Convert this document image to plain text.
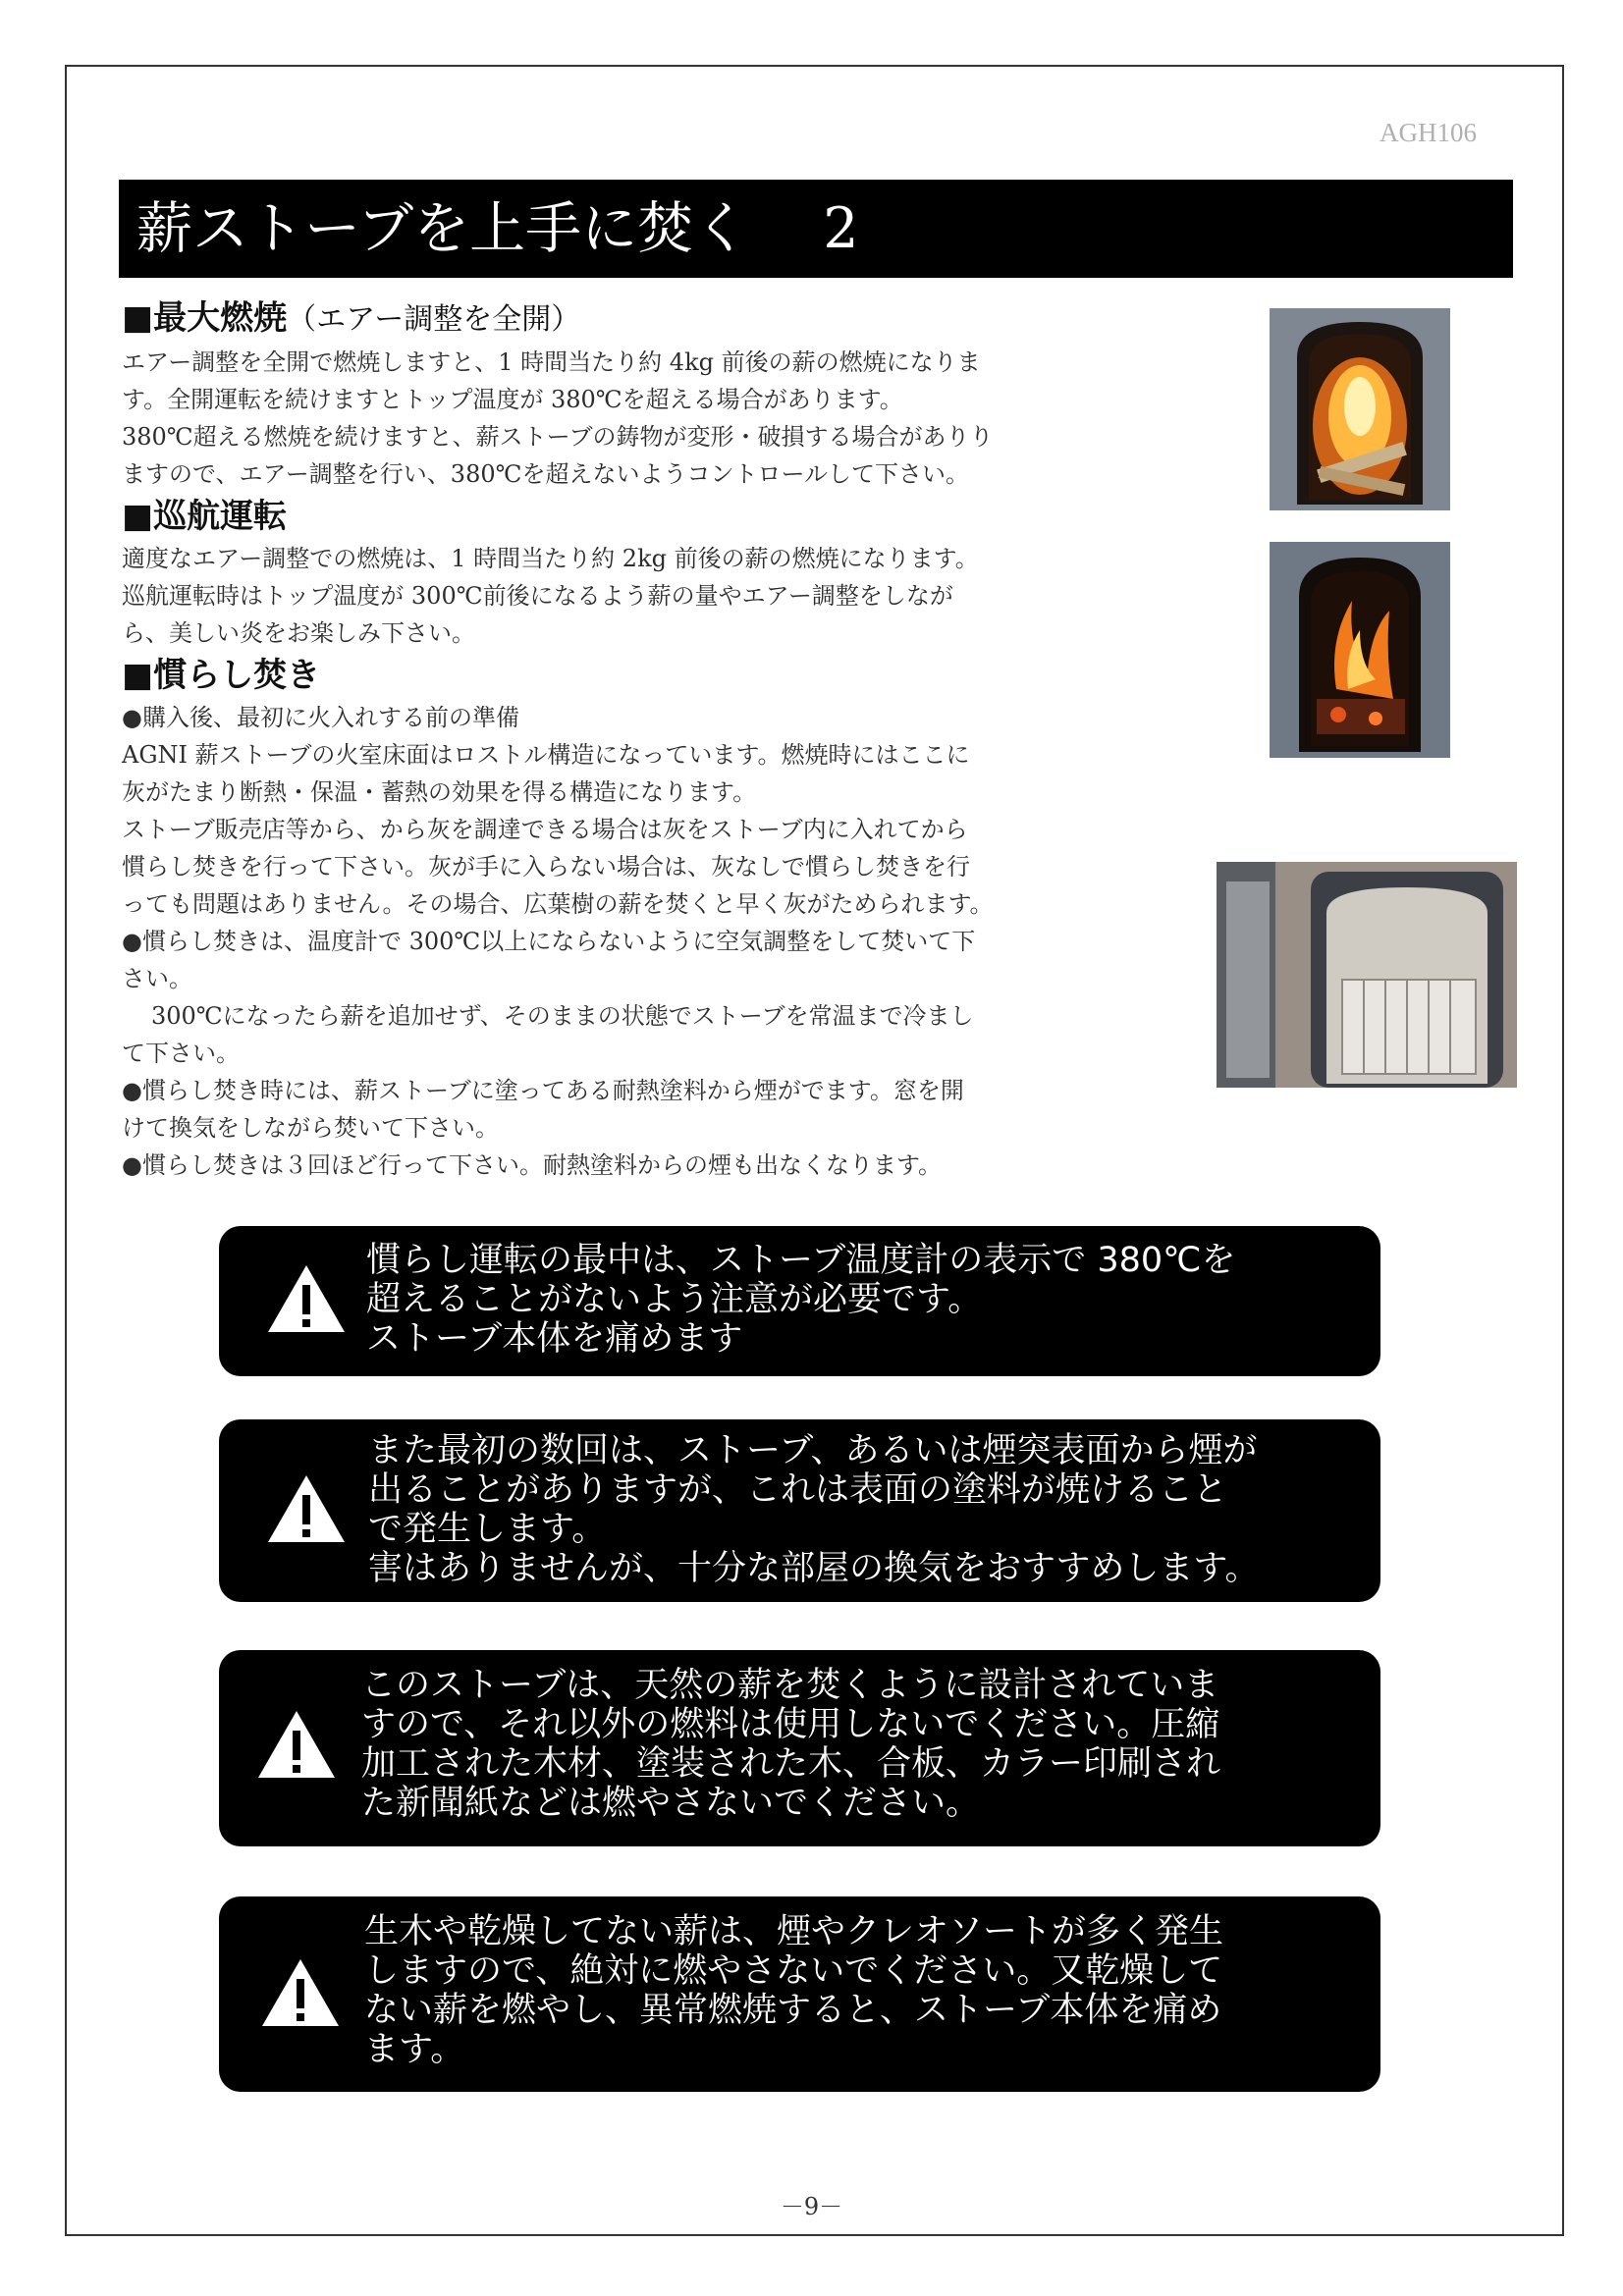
AGH106
薪ストーブを上手に焚く　 2
■最大燃焼（エアー調整を全開）

エアー調整を全開で燃焼しますと、1 時間当たり約 4kg 前後の薪の燃焼になりま

す。全開運転を続けますとトップ温度が 380℃を超える場合があります。

380℃超える燃焼を続けますと、薪ストーブの鋳物が変形・破損する場合がありり

ますので、エアー調整を行い、380℃を超えないようコントロールして下さい。

■巡航運転

適度なエアー調整での燃焼は、1 時間当たり約 2kg 前後の薪の燃焼になります。

巡航運転時はトップ温度が 300℃前後になるよう薪の量やエアー調整をしなが

ら、美しい炎をお楽しみ下さい。

■慣らし焚き

●購入後、最初に火入れする前の準備

AGNI 薪ストーブの火室床面はロストル構造になっています。燃焼時にはここに

灰がたまり断熱・保温・蓄熱の効果を得る構造になります。

ストーブ販売店等から、から灰を調達できる場合は灰をストーブ内に入れてから

慣らし焚きを行って下さい。灰が手に入らない場合は、灰なしで慣らし焚きを行

っても問題はありません。その場合、広葉樹の薪を焚くと早く灰がためられます。

●慣らし焚きは、温度計で 300℃以上にならないように空気調整をして焚いて下

さい。

300℃になったら薪を追加せず、そのままの状態でストーブを常温まで冷まし

て下さい。

●慣らし焚き時には、薪ストーブに塗ってある耐熱塗料から煙がでます。窓を開

けて換気をしながら焚いて下さい。

●慣らし焚きは３回ほど行って下さい。耐熱塗料からの煙も出なくなります。

慣らし運転の最中は、ストーブ温度計の表示で 380℃を
超えることがないよう注意が必要です。
ストーブ本体を痛めます
また最初の数回は、ストーブ、あるいは煙突表面から煙が
出ることがありますが、これは表面の塗料が焼けること
で発生します。
害はありませんが、十分な部屋の換気をおすすめします。
このストーブは、天然の薪を焚くように設計されていま
すので、それ以外の燃料は使用しないでください。圧縮
加工された木材、塗装された木、合板、カラー印刷され
た新聞紙などは燃やさないでください。
生木や乾燥してない薪は、煙やクレオソートが多く発生
しますので、絶対に燃やさないでください。又乾燥して
ない薪を燃やし、異常燃焼すると、ストーブ本体を痛め
ます。
－9－
